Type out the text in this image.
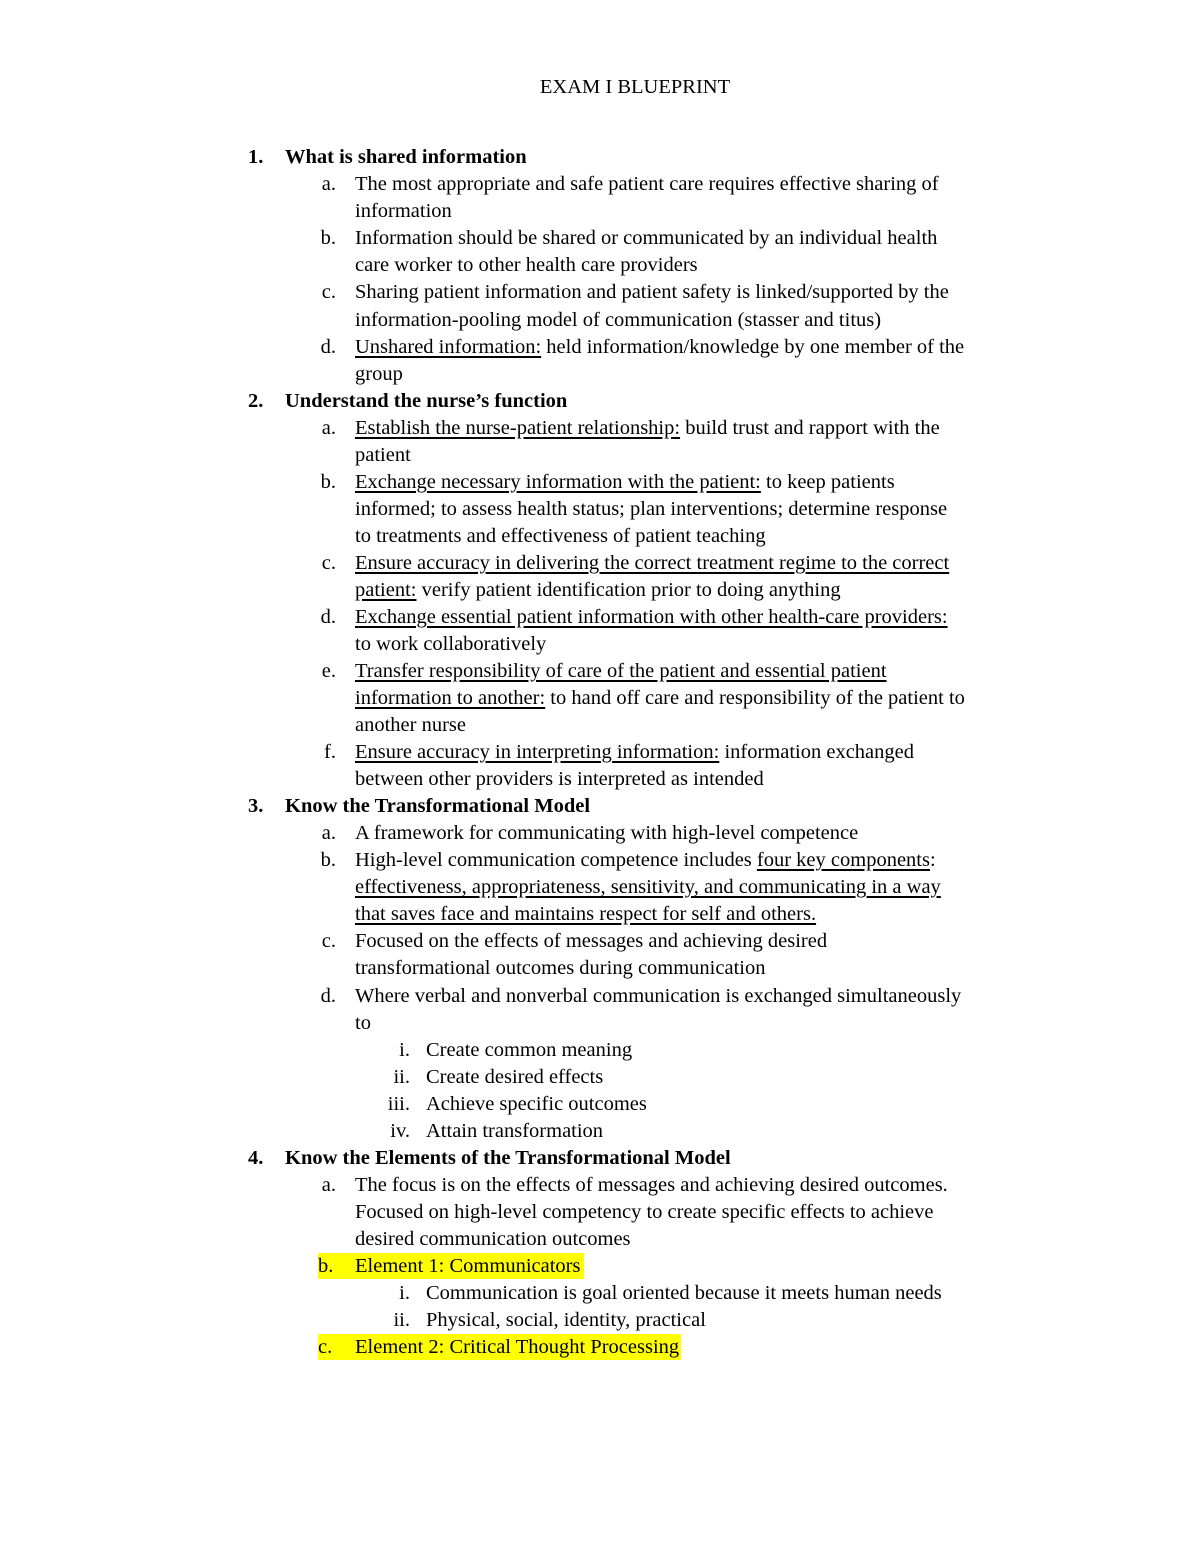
EXAM I BLUEPRINT
1. What is shared information
a. The most appropriate and safe patient care requires effective sharing of
information
b. Information should be shared or communicated by an individual health
care worker to other health care providers
c. Sharing patient information and patient safety is linked/supported by the
information-pooling model of communication (stasser and titus)
d. Unshared information: held information/knowledge by one member of the
group
2. Understand the nurse’s function
a. Establish the nurse-patient relationship: build trust and rapport with the
patient
b. Exchange necessary information with the patient: to keep patients
informed; to assess health status; plan interventions; determine response
to treatments and effectiveness of patient teaching
c. Ensure accuracy in delivering the correct treatment regime to the correct
patient: verify patient identification prior to doing anything
d. Exchange essential patient information with other health-care providers:
to work collaboratively
e. Transfer responsibility of care of the patient and essential patient
information to another: to hand off care and responsibility of the patient to
another nurse
f. Ensure accuracy in interpreting information: information exchanged
between other providers is interpreted as intended
3. Know the Transformational Model
a. A framework for communicating with high-level competence
b. High-level communication competence includes four key components:
effectiveness, appropriateness, sensitivity, and communicating in a way
that saves face and maintains respect for self and others.
c. Focused on the effects of messages and achieving desired
transformational outcomes during communication
d. Where verbal and nonverbal communication is exchanged simultaneously
to
i. Create common meaning
ii. Create desired effects
iii. Achieve specific outcomes
iv. Attain transformation
4. Know the Elements of the Transformational Model
a. The focus is on the effects of messages and achieving desired outcomes.
Focused on high-level competency to create specific effects to achieve
desired communication outcomes
b. Element 1: Communicators
i. Communication is goal oriented because it meets human needs
ii. Physical, social, identity, practical
c. Element 2: Critical Thought Processing
